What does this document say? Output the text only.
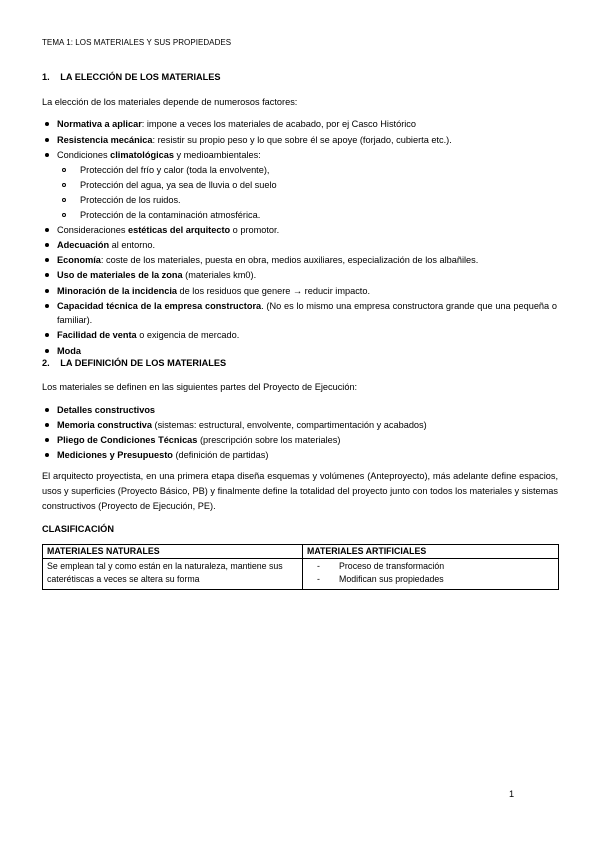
TEMA 1: LOS MATERIALES Y SUS PROPIEDADES
1. LA ELECCIÓN DE LOS MATERIALES
La elección de los materiales depende de numerosos factores:
Normativa a aplicar: impone a veces los materiales de acabado, por ej Casco Histórico
Resistencia mecánica: resistir su propio peso y lo que sobre él se apoye (forjado, cubierta etc.).
Condiciones climatológicas y medioambientales:
Consideraciones estéticas del arquitecto o promotor.
Adecuación al entorno.
Economía: coste de los materiales, puesta en obra, medios auxiliares, especialización de los albañiles.
Uso de materiales de la zona (materiales km0).
Minoración de la incidencia de los residuos que genere → reducir impacto.
Capacidad técnica de la empresa constructora. (No es lo mismo una empresa constructora grande que una pequeña o familiar).
Facilidad de venta o exigencia de mercado.
Moda
Protección del frío y calor (toda la envolvente),
Protección del agua, ya sea de lluvia o del suelo
Protección de los ruidos.
Protección de la contaminación atmosférica.
2. LA DEFINICIÓN DE LOS MATERIALES
Los materiales se definen en las siguientes partes del Proyecto de Ejecución:
Detalles constructivos
Memoria constructiva (sistemas: estructural, envolvente, compartimentación y acabados)
Pliego de Condiciones Técnicas (prescripción sobre los materiales)
Mediciones y Presupuesto (definición de partidas)
El arquitecto proyectista, en una primera etapa diseña esquemas y volúmenes (Anteproyecto), más adelante define espacios, usos y superficies (Proyecto Básico, PB) y finalmente define la totalidad del proyecto junto con todos los materiales y sistemas constructivos (Proyecto de Ejecución, PE).
CLASIFICACIÓN
MATERIALES NATURALES	MATERIALES ARTIFICIALES
Se emplean tal y como están en la naturaleza, mantiene sus caterétiscas a veces se altera su forma	- Proceso de transformación
- Modifican sus propiedades
1
